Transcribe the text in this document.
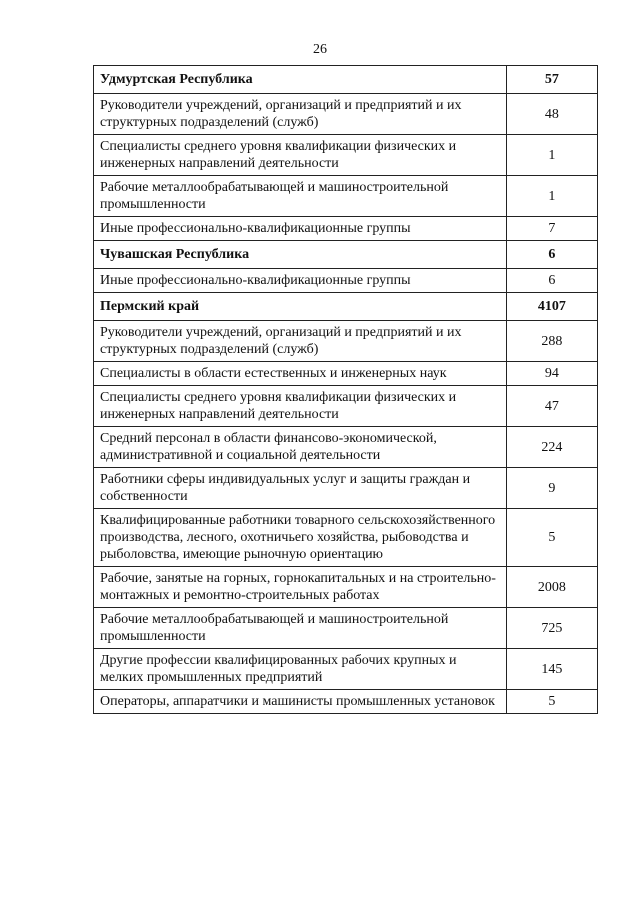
26
Удмуртская Республика	57
Руководители учреждений, организаций и предприятий и их структурных подразделений (служб)	48
Специалисты среднего уровня квалификации физических и инженерных направлений деятельности	1
Рабочие металлообрабатывающей и машиностроительной промышленности	1
Иные профессионально-квалификационные группы	7
Чувашская Республика	6
Иные профессионально-квалификационные группы	6
Пермский край	4107
Руководители учреждений, организаций и предприятий и их структурных подразделений (служб)	288
Специалисты в области естественных и инженерных наук	94
Специалисты среднего уровня квалификации физических и инженерных направлений деятельности	47
Средний персонал в области финансово-экономической, административной и социальной деятельности	224
Работники сферы индивидуальных услуг и защиты граждан и собственности	9
Квалифицированные работники товарного сельскохозяйственного производства, лесного, охотничьего хозяйства, рыбоводства и рыболовства, имеющие рыночную ориентацию	5
Рабочие, занятые на горных, горнокапитальных и на строительно-монтажных и ремонтно-строительных работах	2008
Рабочие металлообрабатывающей и машиностроительной промышленности	725
Другие профессии квалифицированных рабочих крупных и мелких промышленных предприятий	145
Операторы, аппаратчики и машинисты промышленных установок	5
